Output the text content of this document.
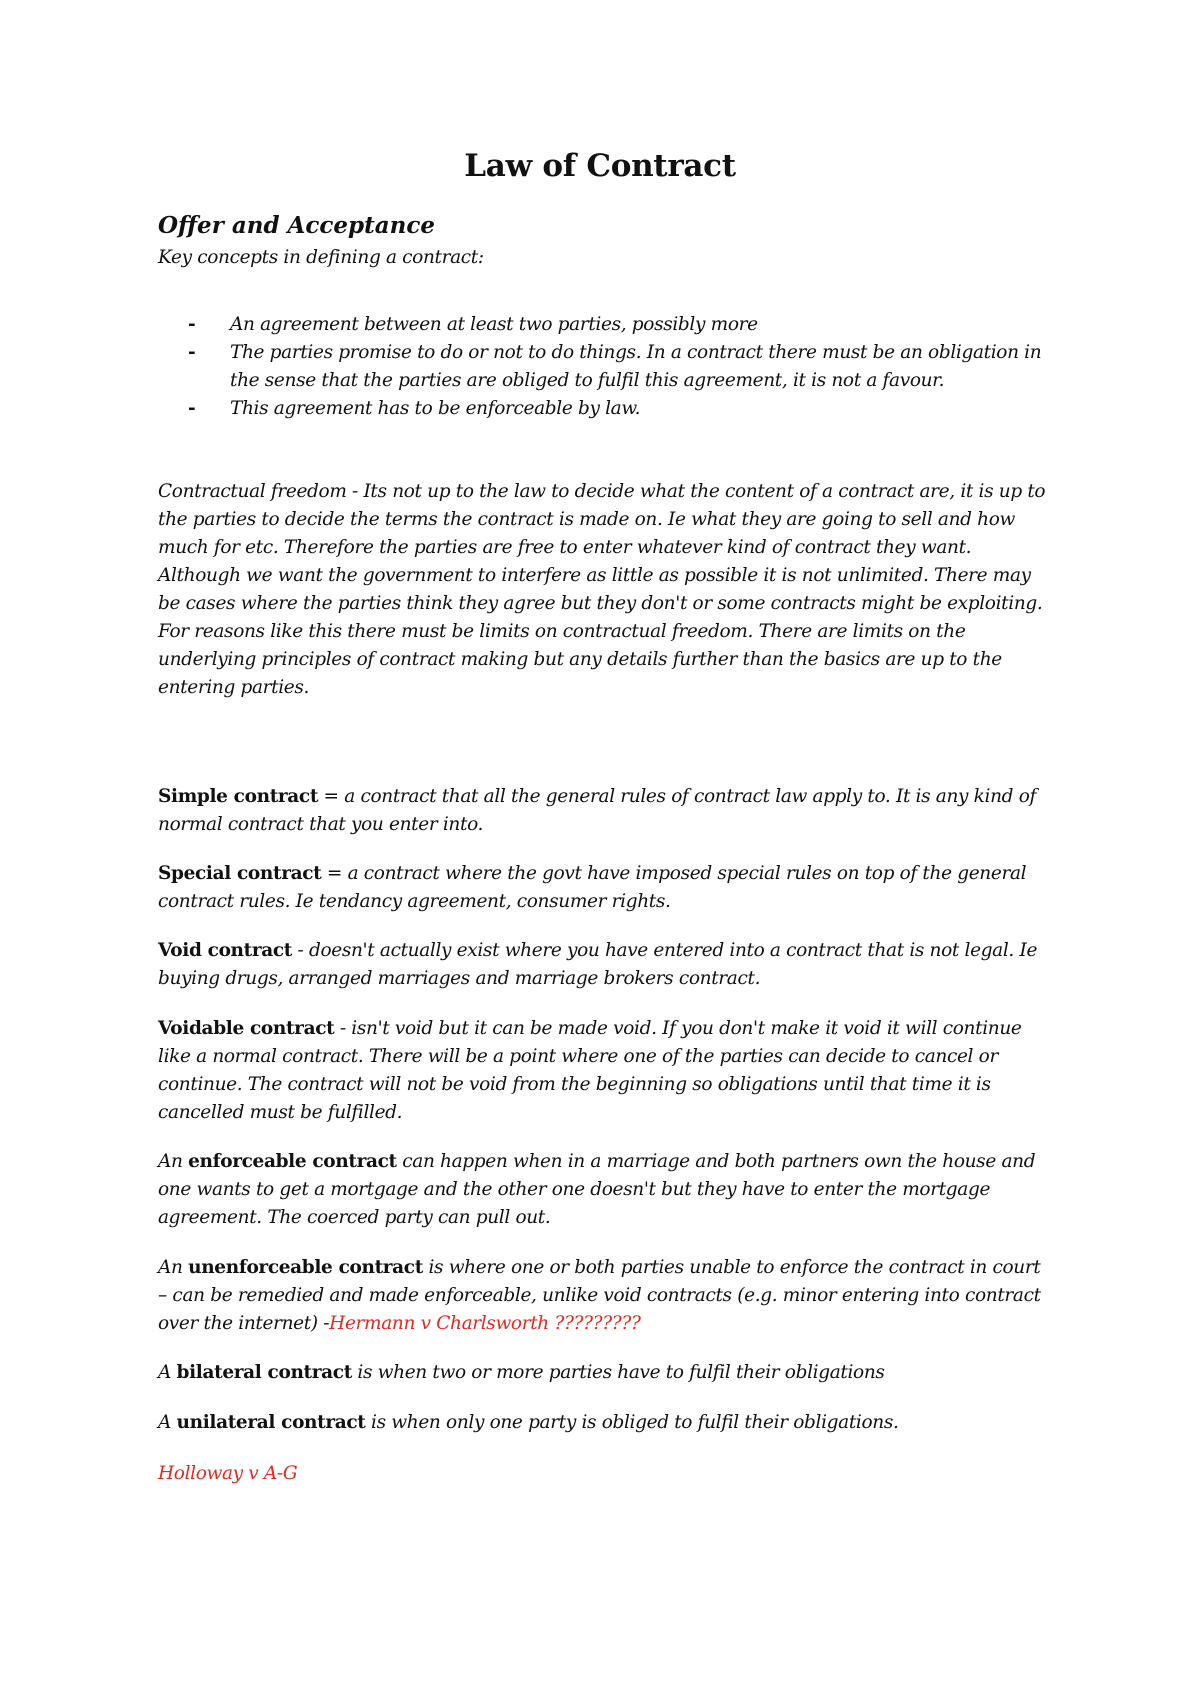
Law of Contract
Offer and Acceptance
Key concepts in defining a contract:
- An agreement between at least two parties, possibly more
- The parties promise to do or not to do things. In a contract there must be an obligation in the sense that the parties are obliged to fulfil this agreement, it is not a favour.
- This agreement has to be enforceable by law.
Contractual freedom - Its not up to the law to decide what the content of a contract are, it is up to the parties to decide the terms the contract is made on. Ie what they are going to sell and how much for etc. Therefore the parties are free to enter whatever kind of contract they want.
Although we want the government to interfere as little as possible it is not unlimited. There may be cases where the parties think they agree but they don't or some contracts might be exploiting. For reasons like this there must be limits on contractual freedom. There are limits on the underlying principles of contract making but any details further than the basics are up to the entering parties.
Simple contract = a contract that all the general rules of contract law apply to. It is any kind of normal contract that you enter into.
Special contract = a contract where the govt have imposed special rules on top of the general contract rules. Ie tendancy agreement, consumer rights.
Void contract - doesn't actually exist where you have entered into a contract that is not legal. Ie buying drugs, arranged marriages and marriage brokers contract.
Voidable contract - isn't void but it can be made void. If you don't make it void it will continue like a normal contract. There will be a point where one of the parties can decide to cancel or continue. The contract will not be void from the beginning so obligations until that time it is cancelled must be fulfilled.
An enforceable contract can happen when in a marriage and both partners own the house and one wants to get a mortgage and the other one doesn't but they have to enter the mortgage agreement. The coerced party can pull out.
An unenforceable contract is where one or both parties unable to enforce the contract in court – can be remedied and made enforceable, unlike void contracts (e.g. minor entering into contract over the internet) -Hermann v Charlsworth ?????????
A bilateral contract is when two or more parties have to fulfil their obligations
A unilateral contract is when only one party is obliged to fulfil their obligations.
Holloway v A-G
